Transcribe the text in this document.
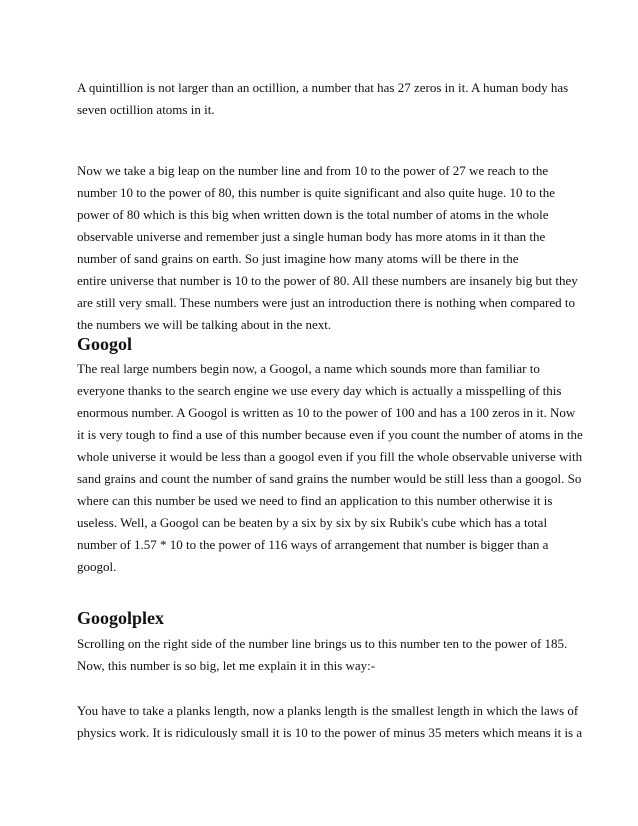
A quintillion is not larger than an octillion, a number that has 27 zeros in it. A human body has

seven octillion atoms in it.

Now we take a big leap on the number line and from 10 to the power of 27 we reach to the

number 10 to the power of 80, this number is quite significant and also quite huge. 10 to the

power of 80 which is this big when written down is the total number of atoms in the whole

observable universe and remember just a single human body has more atoms in it than the

number of sand grains on earth. So just imagine how many atoms will be there in the

entire universe that number is 10 to the power of 80. All these numbers are insanely big but they

are still very small. These numbers were just an introduction there is nothing when compared to

the numbers we will be talking about in the next.

Googol

The real large numbers begin now, a Googol, a name which sounds more than familiar to

everyone thanks to the search engine we use every day which is actually a misspelling of this

enormous number. A Googol is written as 10 to the power of 100 and has a 100 zeros in it. Now

it is very tough to find a use of this number because even if you count the number of atoms in the

whole universe it would be less than a googol even if you fill the whole observable universe with

sand grains and count the number of sand grains the number would be still less than a googol. So

where can this number be used we need to find an application to this number otherwise it is

useless. Well, a Googol can be beaten by a six by six by six Rubik's cube which has a total

number of 1.57 * 10 to the power of 116 ways of arrangement that number is bigger than a

googol.

Googolplex

Scrolling on the right side of the number line brings us to this number ten to the power of 185.

Now, this number is so big, let me explain it in this way:-

You have to take a planks length, now a planks length is the smallest length in which the laws of

physics work. It is ridiculously small it is 10 to the power of minus 35 meters which means it is a
